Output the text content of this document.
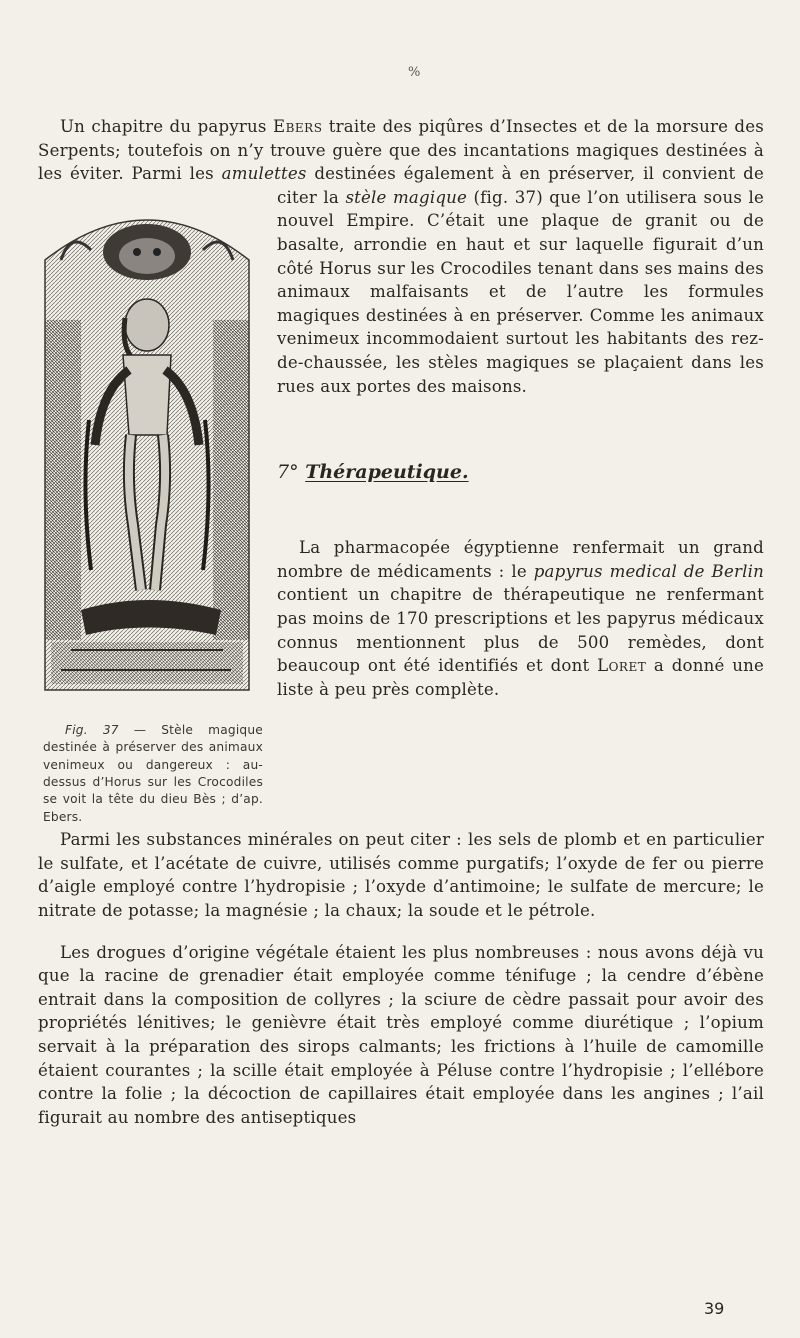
%

Un chapitre du papyrus Ebers traite des piqûres d’Insectes et de la morsure des Serpents; toutefois on n’y trouve guère que des incantations magiques destinées à les éviter. Parmi les amulettes destinées également à en préserver, il convient de citer la stèle magique
Fig. 37 — Stèle magique destinée à préserver des animaux venimeux ou dangereux : au-dessus d’Horus sur les Crocodiles se voit la tête du dieu Bès ; d’ap. Ebers.
(fig. 37) que l’on utilisera sous le nouvel Empire. C’était une plaque de granit ou de basalte, arrondie en haut et sur laquelle figurait d’un côté Horus sur les Crocodiles tenant dans ses mains des animaux malfaisants et de l’autre les formules magiques destinées à en préserver. Comme les animaux venimeux incommodaient surtout les habitants des rez-de-chaussée, les stèles magiques se plaçaient dans les rues aux portes des maisons.

7° Thérapeutique.

La pharmacopée égyptienne renfermait un grand nombre de médicaments : le papyrus medical de Berlin contient un chapitre de thérapeutique ne renfermant pas moins de 170 prescriptions et les papyrus médicaux connus mentionnent plus de 500 remèdes, dont beaucoup ont été identifiés et dont Loret a donné une liste à peu près complète.

Parmi les substances minérales on peut citer : les sels de plomb et en particulier le sulfate, et l’acétate de cuivre, utilisés comme purgatifs; l’oxyde de fer ou pierre d’aigle employé contre l’hydropisie ; l’oxyde d’antimoine; le sulfate de mercure; le nitrate de potasse; la magnésie ; la chaux; la soude et le pétrole.

Les drogues d’origine végétale étaient les plus nombreuses : nous avons déjà vu que la racine de grenadier était employée comme ténifuge ; la cendre d’ébène entrait dans la composition de collyres ; la sciure de cèdre passait pour avoir des propriétés lénitives; le genièvre était très employé comme diurétique ; l’opium servait à la préparation des sirops calmants; les frictions à l’huile de camomille étaient courantes ; la scille était employée à Péluse contre l’hydropisie ; l’ellébore contre la folie ; la décoction de capillaires était employée dans les angines ; l’ail figurait au nombre des antiseptiques

39
